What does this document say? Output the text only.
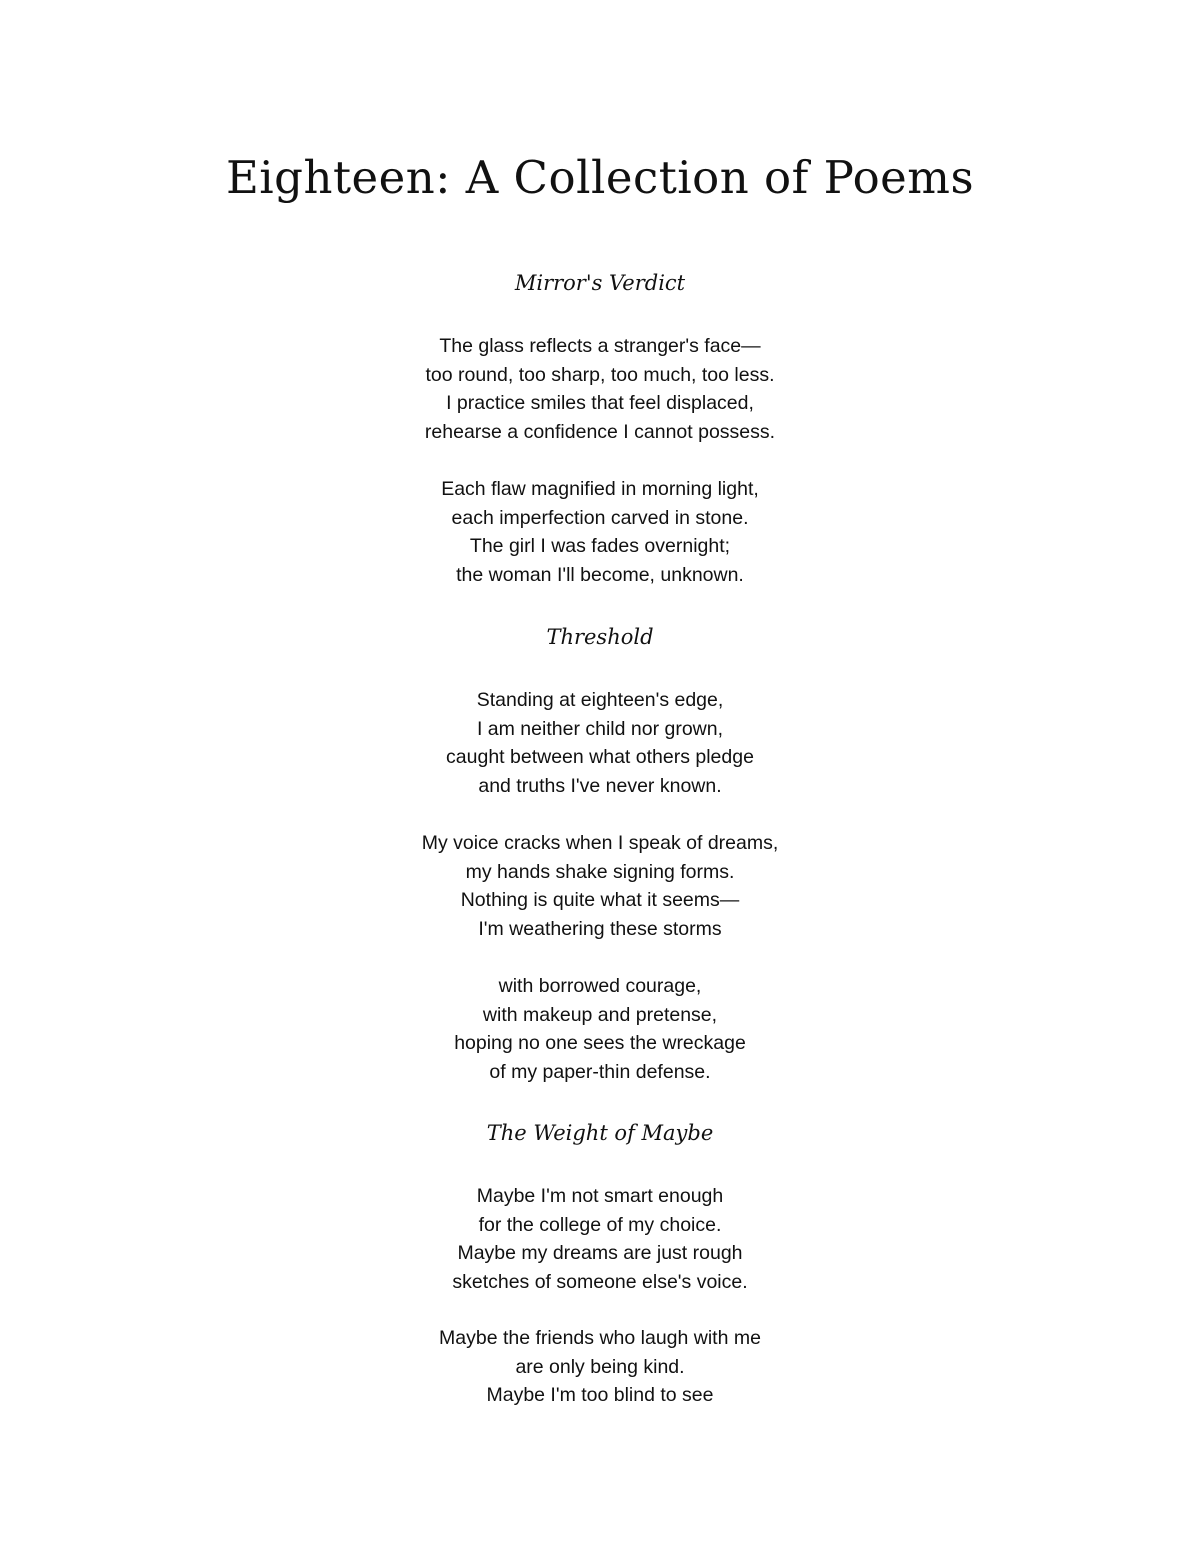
Eighteen: A Collection of Poems
Mirror's Verdict
The glass reflects a stranger's face—
too round, too sharp, too much, too less.
I practice smiles that feel displaced,
rehearse a confidence I cannot possess.
Each flaw magnified in morning light,
each imperfection carved in stone.
The girl I was fades overnight;
the woman I'll become, unknown.
Threshold
Standing at eighteen's edge,
I am neither child nor grown,
caught between what others pledge
and truths I've never known.
My voice cracks when I speak of dreams,
my hands shake signing forms.
Nothing is quite what it seems—
I'm weathering these storms
with borrowed courage,
with makeup and pretense,
hoping no one sees the wreckage
of my paper-thin defense.
The Weight of Maybe
Maybe I'm not smart enough
for the college of my choice.
Maybe my dreams are just rough
sketches of someone else's voice.
Maybe the friends who laugh with me
are only being kind.
Maybe I'm too blind to see
